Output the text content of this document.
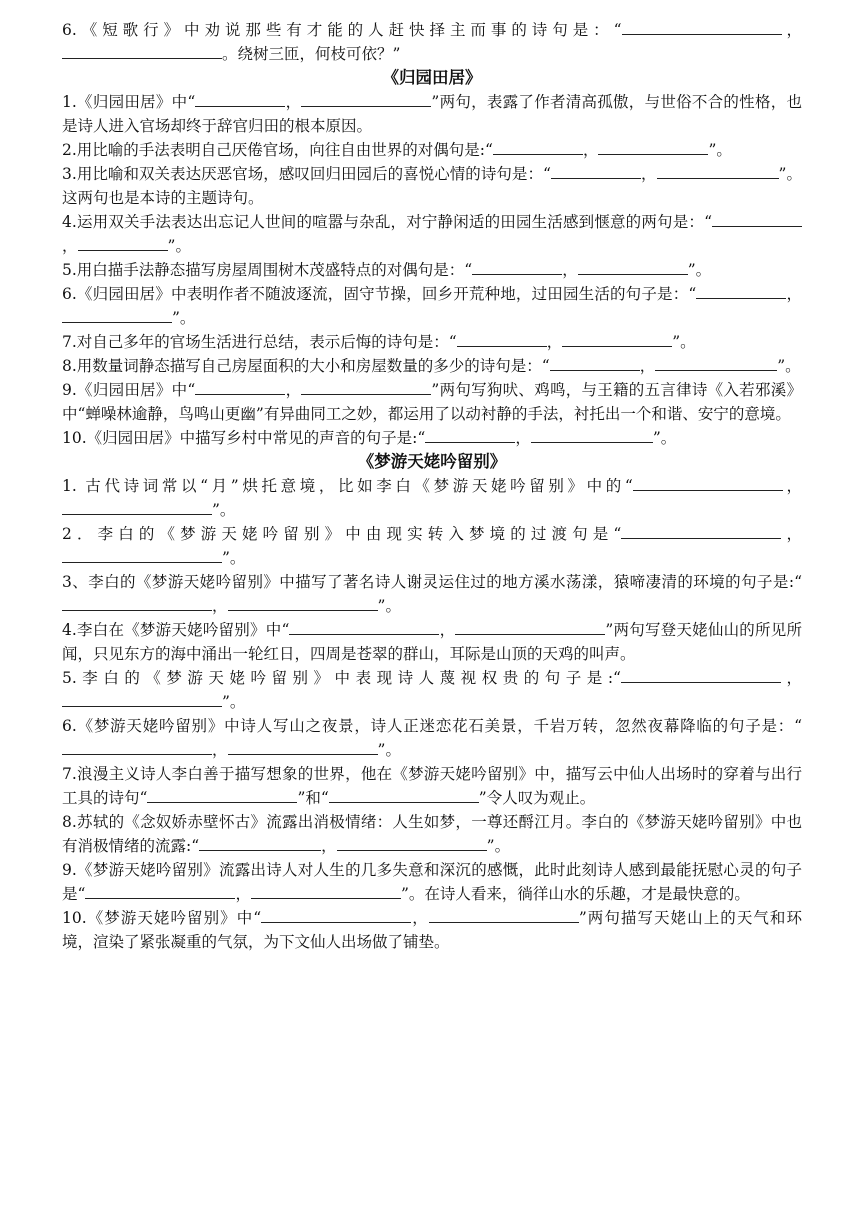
6.《短歌行》中劝说那些有才能的人赶快择主而事的诗句是：“	，。绕树三匝，何枝可依？”

《归园田居》

1.《归园田居》中“	，	”两句，表露了作者清高孤傲，与世俗不合的性格，也是诗人进入官场却终于辞官归田的根本原因。

2.用比喻的手法表明自己厌倦官场，向往自由世界的对偶句是:“	，	”。

3.用比喻和双关表达厌恶官场，感叹回归田园后的喜悦心情的诗句是：“	，	”。这两句也是本诗的主题诗句。

4.运用双关手法表达出忘记人世间的喧嚣与杂乱，对宁静闲适的田园生活感到惬意的两句是：“，	”。

5.用白描手法静态描写房屋周围树木茂盛特点的对偶句是：“	，	”。

6.《归园田居》中表明作者不随波逐流，固守节操，回乡开荒种地，过田园生活的句子是：“	，”。

7.对自己多年的官场生活进行总结，表示后悔的诗句是：“	，	”。

8.用数量词静态描写自己房屋面积的大小和房屋数量的多少的诗句是：“	，	”。

9.《归园田居》中“	，	”两句写狗吠、鸡鸣，与王籍的五言律诗《入若邪溪》中“蝉噪林逾静，鸟鸣山更幽”有异曲同工之妙，都运用了以动衬静的手法，衬托出一个和谐、安宁的意境。

10.《归园田居》中描写乡村中常见的声音的句子是:“	，	”。

《梦游天姥吟留别》

1. 古代诗词常以“月”烘托意境，比如李白《梦游天姥吟留别》中的“	，”。

2．李白的《梦游天姥吟留别》中由现实转入梦境的过渡句是“	，”。

3、李白的《梦游天姥吟留别》中描写了著名诗人谢灵运住过的地方溪水荡漾，猿啼凄清的环境的句子是:“，	”。

4.李白在《梦游天姥吟留别》中“	，	”两句写登天姥仙山的所见所闻，只见东方的海中涌出一轮红日，四周是苍翠的群山，耳际是山顶的天鸡的叫声。

5.李白的《梦游天姥吟留别》中表现诗人蔑视权贵的句子是:“	，”。

6.《梦游天姥吟留别》中诗人写山之夜景，诗人正迷恋花石美景，千岩万转，忽然夜幕降临的句子是：“，	”。

7.浪漫主义诗人李白善于描写想象的世界，他在《梦游天姥吟留别》中，描写云中仙人出场时的穿着与出行工具的诗句“	”和“	”令人叹为观止。

8.苏轼的《念奴娇赤壁怀古》流露出消极情绪：人生如梦，一尊还酹江月。李白的《梦游天姥吟留别》中也有消极情绪的流露:“	，	”。

9.《梦游天姥吟留别》流露出诗人对人生的几多失意和深沉的感慨，此时此刻诗人感到最能抚慰心灵的句子是“	，	”。在诗人看来，徜徉山水的乐趣，才是最快意的。

10.《梦游天姥吟留别》中“	，	”两句描写天姥山上的天气和环境，渲染了紧张凝重的气氛，为下文仙人出场做了铺垫。
